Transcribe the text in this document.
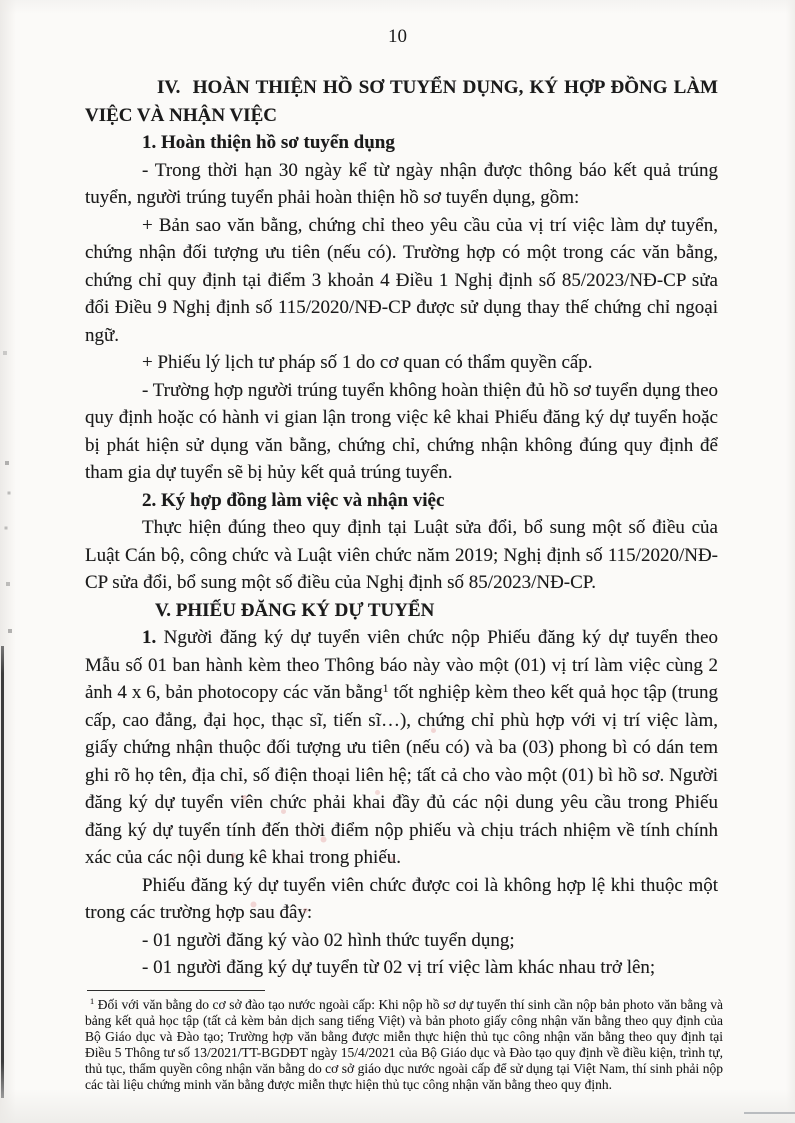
10

IV.  HOÀN THIỆN HỒ SƠ TUYỂN DỤNG, KÝ HỢP ĐỒNG LÀM VIỆC VÀ NHẬN VIỆC

1. Hoàn thiện hồ sơ tuyển dụng

- Trong thời hạn 30 ngày kể từ ngày nhận được thông báo kết quả trúng tuyển, người trúng tuyển phải hoàn thiện hồ sơ tuyển dụng, gồm:

+ Bản sao văn bằng, chứng chỉ theo yêu cầu của vị trí việc làm dự tuyển, chứng nhận đối tượng ưu tiên (nếu có). Trường hợp có một trong các văn bằng, chứng chỉ quy định tại điểm 3 khoản 4 Điều 1 Nghị định số 85/2023/NĐ-CP sửa đổi Điều 9 Nghị định số 115/2020/NĐ-CP được sử dụng thay thế chứng chỉ ngoại ngữ.

+ Phiếu lý lịch tư pháp số 1 do cơ quan có thẩm quyền cấp.

- Trường hợp người trúng tuyển không hoàn thiện đủ hồ sơ tuyển dụng theo quy định hoặc có hành vi gian lận trong việc kê khai Phiếu đăng ký dự tuyển hoặc bị phát hiện sử dụng văn bằng, chứng chỉ, chứng nhận không đúng quy định để tham gia dự tuyển sẽ bị hủy kết quả trúng tuyển.

2. Ký hợp đồng làm việc và nhận việc

Thực hiện đúng theo quy định tại Luật sửa đổi, bổ sung một số điều của Luật Cán bộ, công chức và Luật viên chức năm 2019; Nghị định số 115/2020/NĐ-CP sửa đổi, bổ sung một số điều của Nghị định số 85/2023/NĐ-CP.

V. PHIẾU ĐĂNG KÝ DỰ TUYỂN

1. Người đăng ký dự tuyển viên chức nộp Phiếu đăng ký dự tuyển theo Mẫu số 01 ban hành kèm theo Thông báo này vào một (01) vị trí làm việc cùng 2 ảnh 4 x 6, bản photocopy các văn bằng$^1$ tốt nghiệp kèm theo kết quả học tập (trung cấp, cao đẳng, đại học, thạc sĩ, tiến sĩ…), chứng chỉ phù hợp với vị trí việc làm, giấy chứng nhận thuộc đối tượng ưu tiên (nếu có) và ba (03) phong bì có dán tem ghi rõ họ tên, địa chỉ, số điện thoại liên hệ; tất cả cho vào một (01) bì hồ sơ. Người đăng ký dự tuyển viên chức phải khai đầy đủ các nội dung yêu cầu trong Phiếu đăng ký dự tuyển tính đến thời điểm nộp phiếu và chịu trách nhiệm về tính chính xác của các nội dung kê khai trong phiếu.

Phiếu đăng ký dự tuyển viên chức được coi là không hợp lệ khi thuộc một trong các trường hợp sau đây:

- 01 người đăng ký vào 02 hình thức tuyển dụng;

- 01 người đăng ký dự tuyển từ 02 vị trí việc làm khác nhau trở lên;

$^1$ Đối với văn bằng do cơ sở đào tạo nước ngoài cấp: Khi nộp hồ sơ dự tuyển thí sinh cần nộp bản photo văn bằng và bảng kết quả học tập (tất cả kèm bản dịch sang tiếng Việt) và bản photo giấy công nhận văn bằng theo quy định của Bộ Giáo dục và Đào tạo; Trường hợp văn bằng được miễn thực hiện thủ tục công nhận văn bằng theo quy định tại Điều 5 Thông tư số 13/2021/TT-BGDĐT ngày 15/4/2021 của Bộ Giáo dục và Đào tạo quy định về điều kiện, trình tự, thủ tục, thẩm quyền công nhận văn bằng do cơ sở giáo dục nước ngoài cấp để sử dụng tại Việt Nam, thí sinh phải nộp các tài liệu chứng minh văn bằng được miễn thực hiện thủ tục công nhận văn bằng theo quy định.
